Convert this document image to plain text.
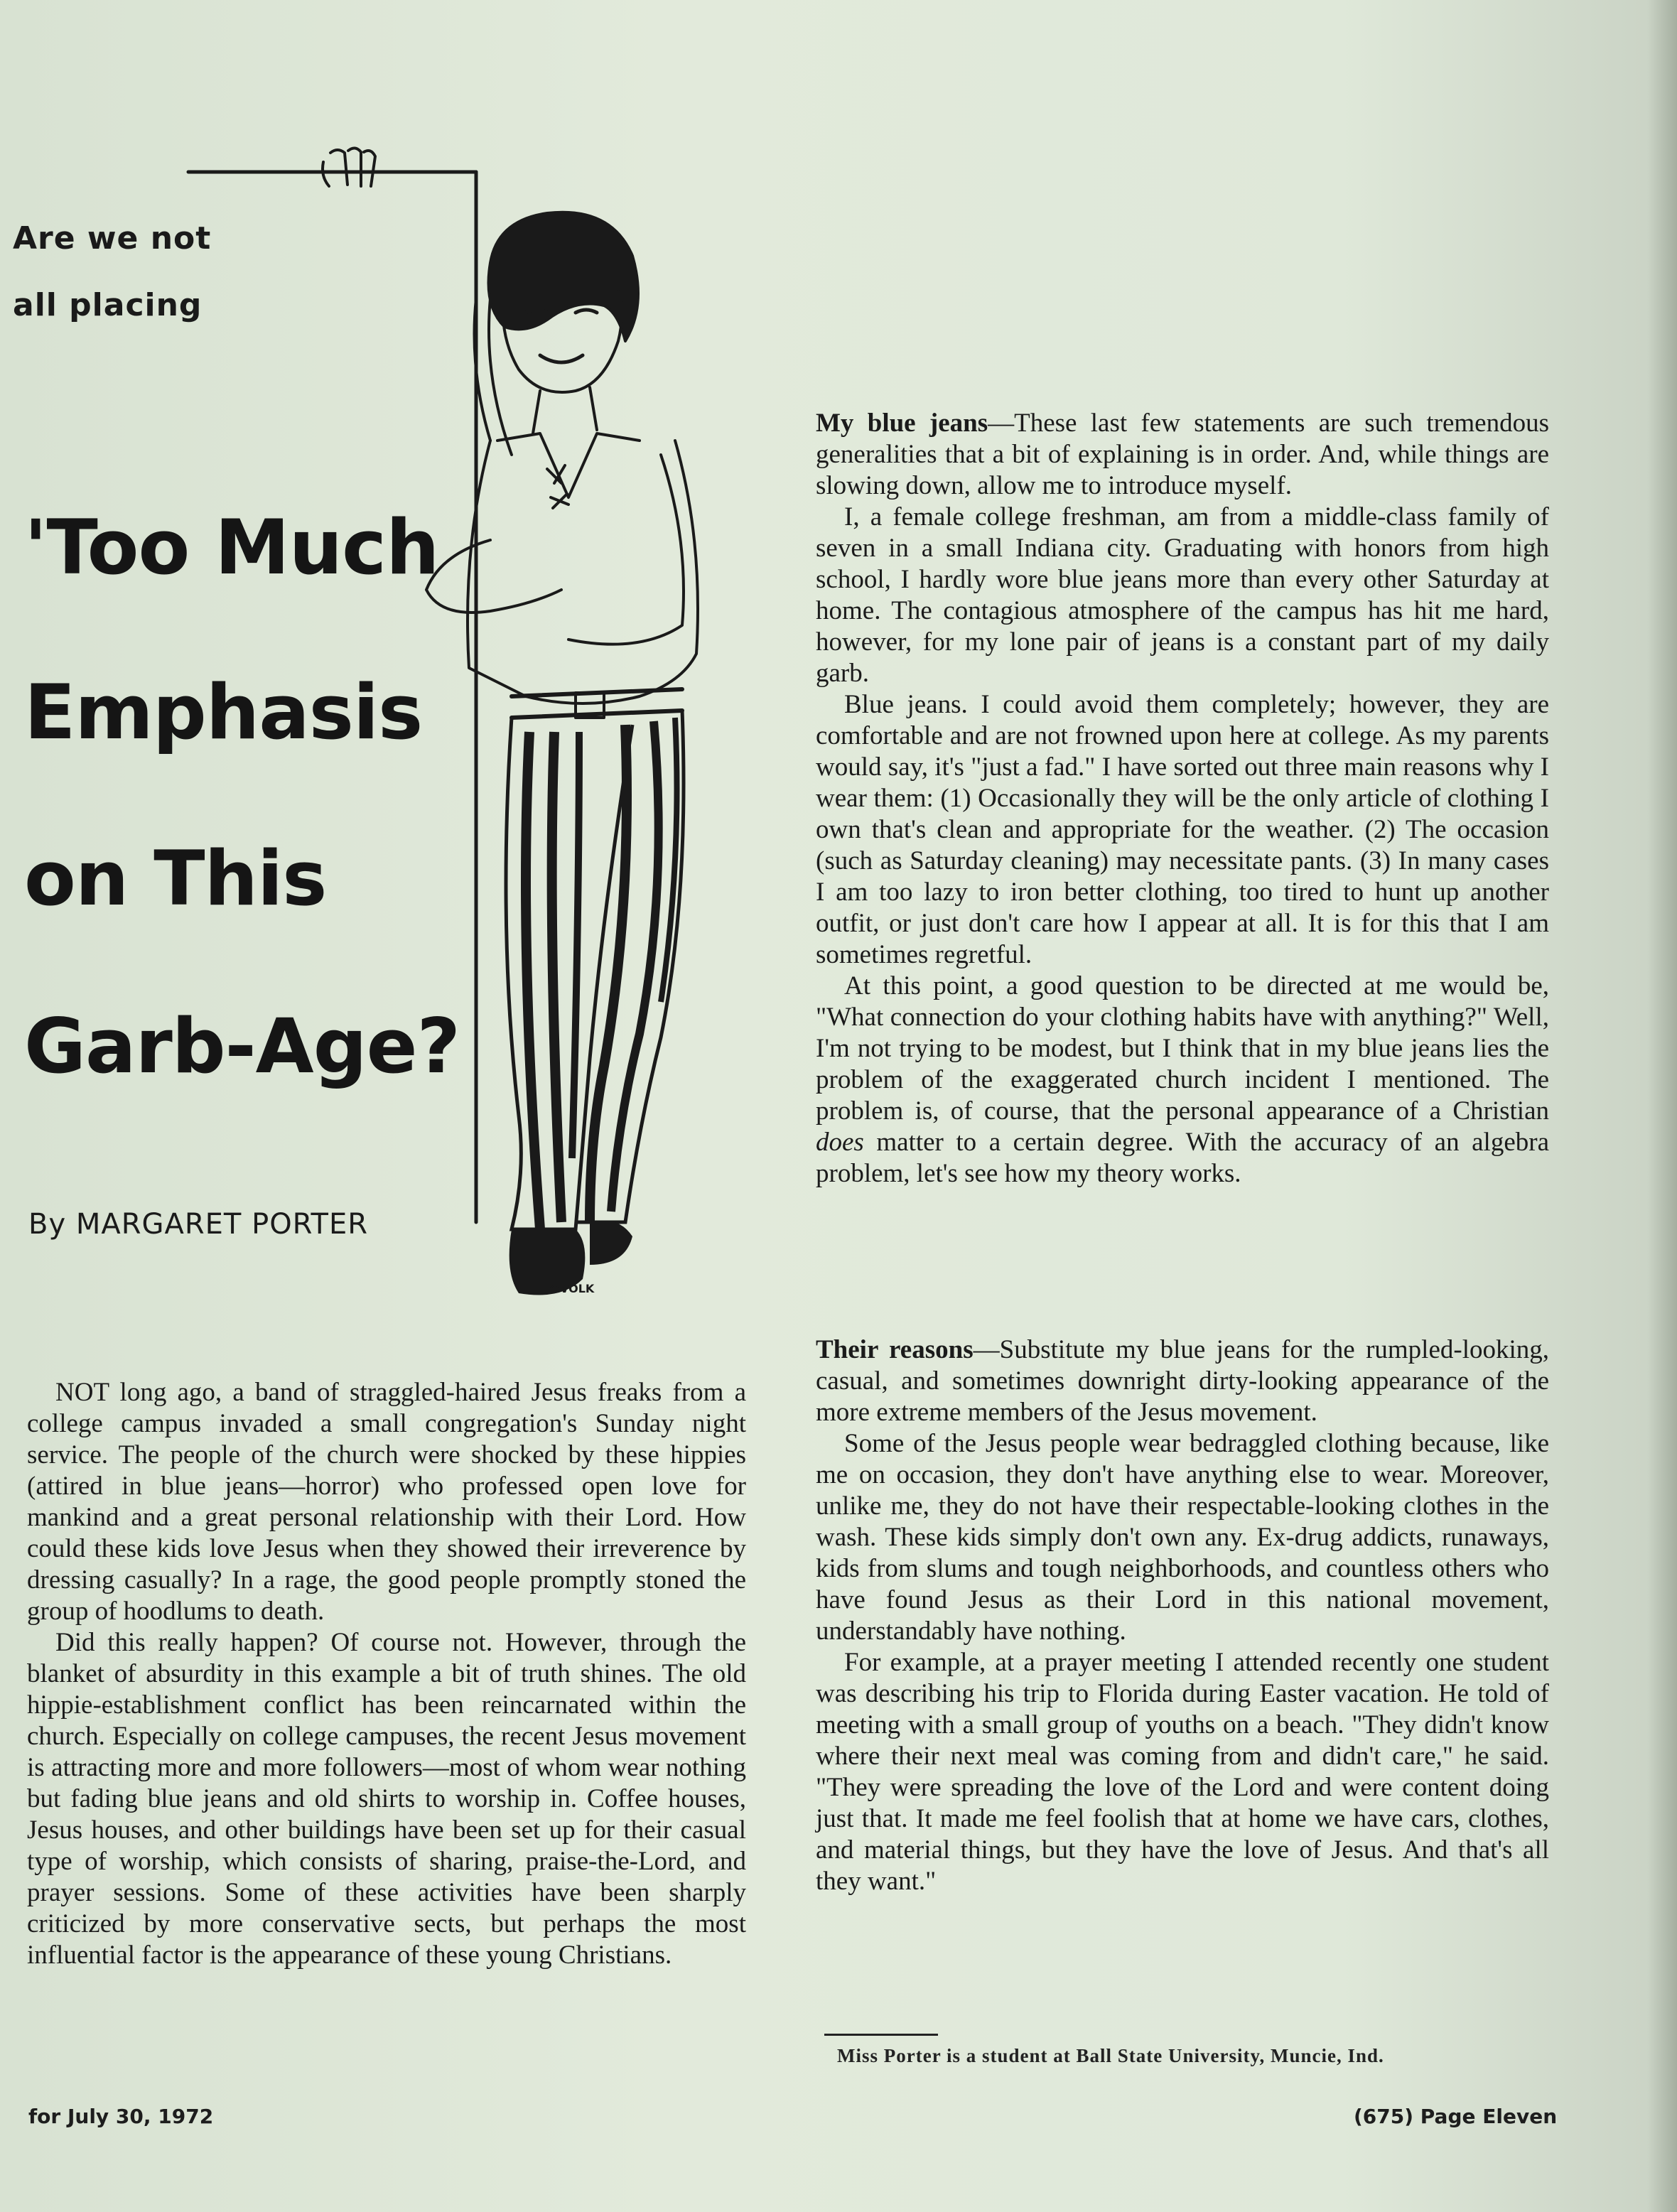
Are we not
all placing
'Too Much
Emphasis
on This
Garb-Age?
By MARGARET PORTER
©VOLK

NOT long ago, a band of straggled-haired Jesus freaks from a college campus invaded a small congregation's Sunday night service. The people of the church were shocked by these hippies (attired in blue jeans—horror) who professed open love for mankind and a great personal relationship with their Lord. How could these kids love Jesus when they showed their irreverence by dressing casually? In a rage, the good people promptly stoned the group of hoodlums to death.

Did this really happen? Of course not. However, through the blanket of absurdity in this example a bit of truth shines. The old hippie-establishment conflict has been reincarnated within the church. Especially on college campuses, the recent Jesus movement is attracting more and more followers—most of whom wear nothing but fading blue jeans and old shirts to worship in. Coffee houses, Jesus houses, and other buildings have been set up for their casual type of worship, which consists of sharing, praise-the-Lord, and prayer sessions. Some of these activities have been sharply criticized by more conservative sects, but perhaps the most influential factor is the appearance of these young Christians.

My blue jeans—These last few statements are such tremendous generalities that a bit of explaining is in order. And, while things are slowing down, allow me to introduce myself.

I, a female college freshman, am from a middle-class family of seven in a small Indiana city. Graduating with honors from high school, I hardly wore blue jeans more than every other Saturday at home. The contagious atmosphere of the campus has hit me hard, however, for my lone pair of jeans is a constant part of my daily garb.

Blue jeans. I could avoid them completely; however, they are comfortable and are not frowned upon here at college. As my parents would say, it's "just a fad." I have sorted out three main reasons why I wear them: (1) Occasionally they will be the only article of clothing I own that's clean and appropriate for the weather. (2) The occasion (such as Saturday cleaning) may necessitate pants. (3) In many cases I am too lazy to iron better clothing, too tired to hunt up another outfit, or just don't care how I appear at all. It is for this that I am sometimes regretful.

At this point, a good question to be directed at me would be, "What connection do your clothing habits have with anything?" Well, I'm not trying to be modest, but I think that in my blue jeans lies the problem of the exaggerated church incident I mentioned. The problem is, of course, that the personal appearance of a Christian does matter to a certain degree. With the accuracy of an algebra problem, let's see how my theory works.

Their reasons—Substitute my blue jeans for the rumpled-looking, casual, and sometimes downright dirty-looking appearance of the more extreme members of the Jesus movement.

Some of the Jesus people wear bedraggled clothing because, like me on occasion, they don't have anything else to wear. Moreover, unlike me, they do not have their respectable-looking clothes in the wash. These kids simply don't own any. Ex-drug addicts, runaways, kids from slums and tough neighborhoods, and countless others who have found Jesus as their Lord in this national movement, understandably have nothing.

For example, at a prayer meeting I attended recently one student was describing his trip to Florida during Easter vacation. He told of meeting with a small group of youths on a beach. "They didn't know where their next meal was coming from and didn't care," he said. "They were spreading the love of the Lord and were content doing just that. It made me feel foolish that at home we have cars, clothes, and material things, but they have the love of Jesus. And that's all they want."

Miss Porter is a student at Ball State University, Muncie, Ind.
for July 30, 1972	(675) Page Eleven
